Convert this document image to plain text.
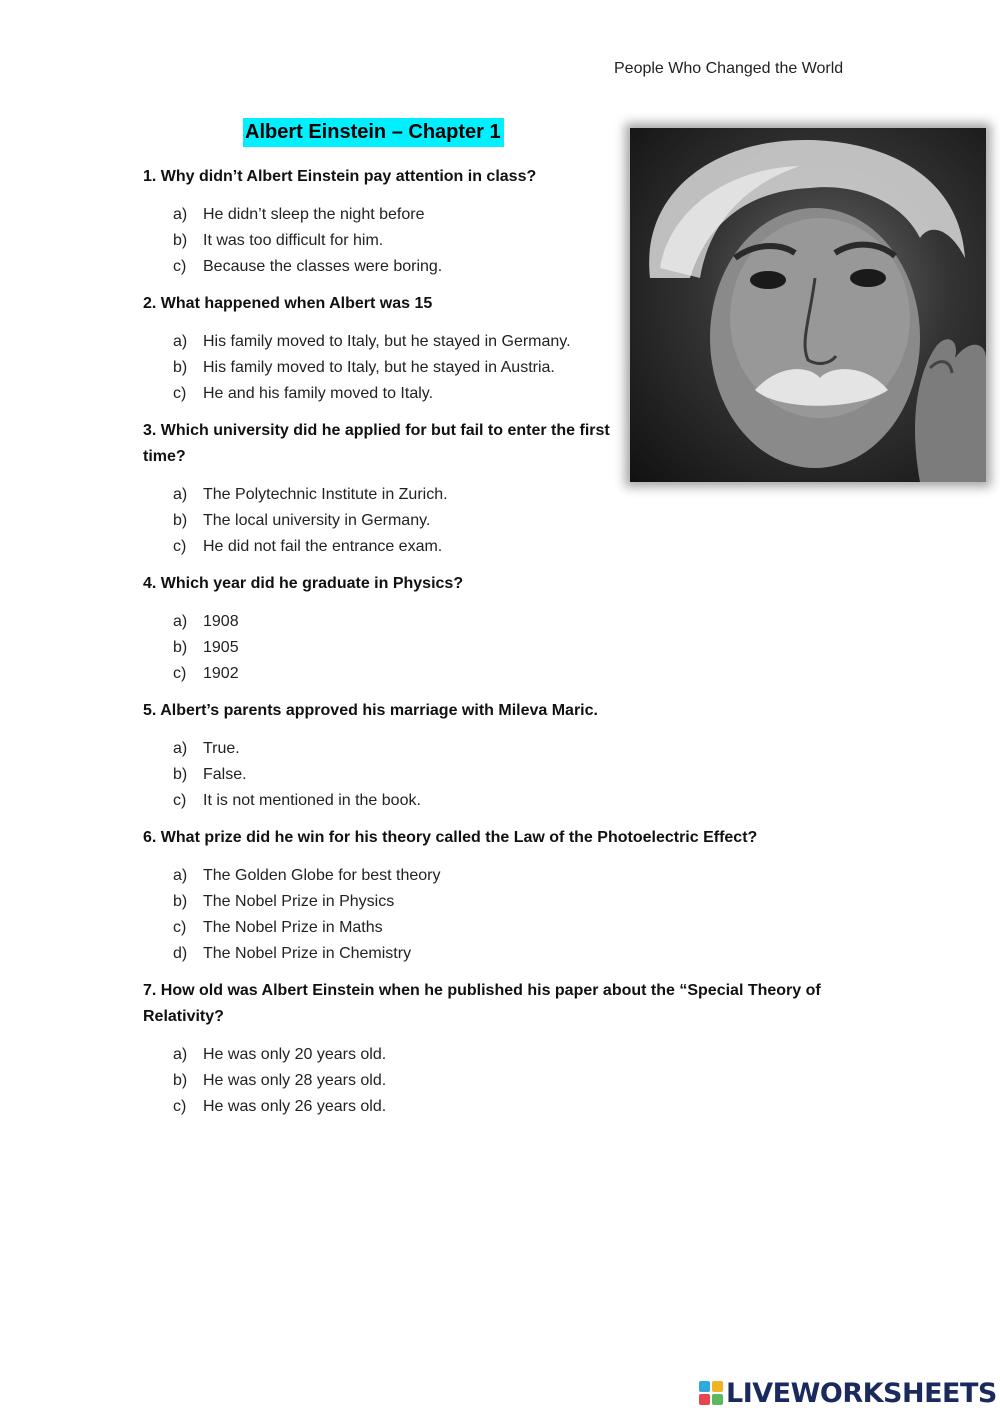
People Who Changed the World
Albert Einstein – Chapter 1
1. Why didn’t Albert Einstein pay attention in class?
a) He didn’t sleep the night before
b) It was too difficult for him.
c)	Because the classes were boring.
2. What happened when Albert was 15
a) His family moved to Italy, but he stayed in Germany.
b) His family moved to Italy, but he stayed in Austria.
c)	He and his family moved to Italy.
3. Which university did he applied for but fail to enter the first time?
a) The Polytechnic Institute in Zurich.
b) The local university in Germany.
c)	He did not fail the entrance exam.
4. Which year did he graduate in Physics?
a) 1908
b) 1905
c)	1902
5. Albert’s parents approved his marriage with Mileva Maric.
a) True.
b) False.
c)	It is not mentioned in the book.
6. What prize did he win for his theory called the Law of the Photoelectric Effect?
a) The Golden Globe for best theory
b) The Nobel Prize in Physics
c)	The Nobel Prize in Maths
d) The Nobel Prize in Chemistry
7. How old was Albert Einstein when he published his paper about the “Special Theory of Relativity?
a) He was only 20 years old.
b) He was only 28 years old.
c)	He was only 26 years old.
LIVEWORKSHEETS
